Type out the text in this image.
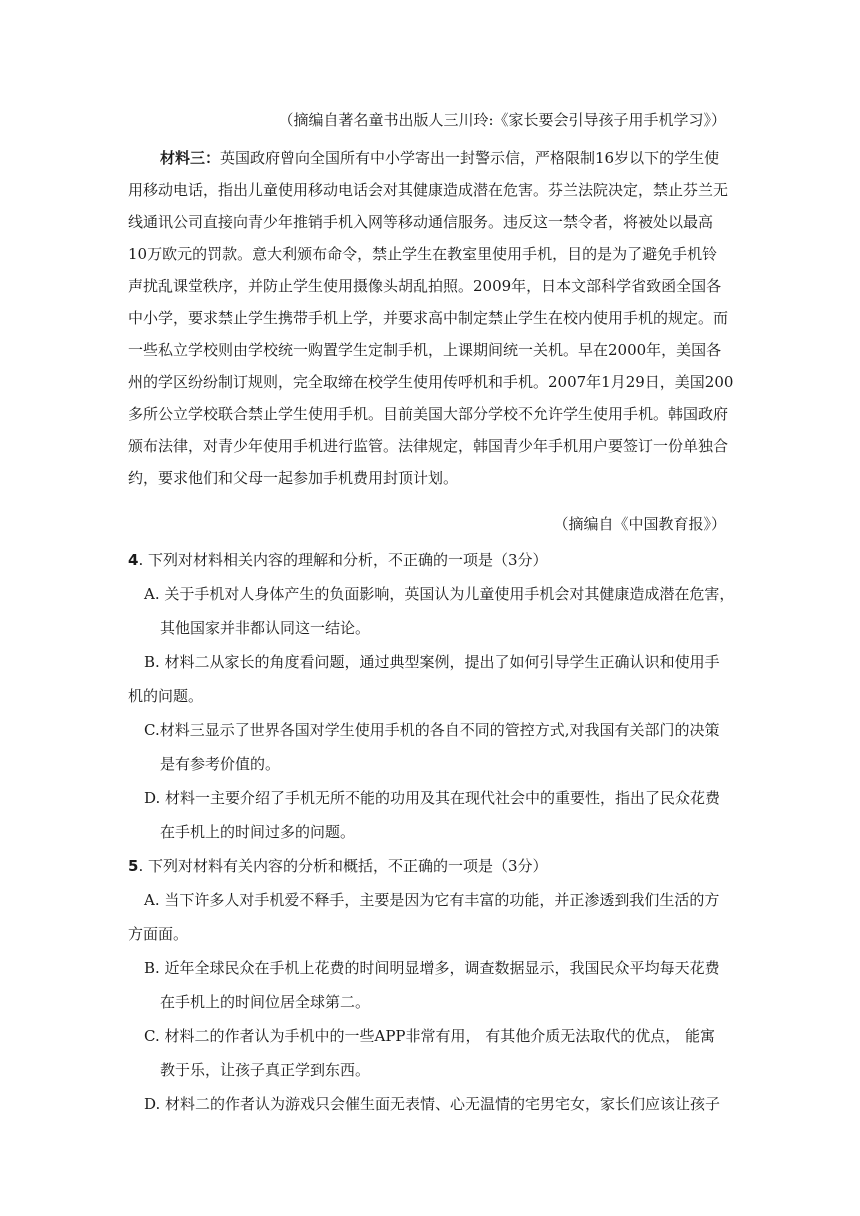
（摘编自著名童书出版人三川玲:《家长要会引导孩子用手机学习》）
材料三：英国政府曾向全国所有中小学寄出一封警示信，严格限制16岁以下的学生使
用移动电话，指出儿童使用移动电话会对其健康造成潜在危害。芬兰法院决定，禁止芬兰无
线通讯公司直接向青少年推销手机入网等移动通信服务。违反这一禁令者，将被处以最高
10万欧元的罚款。意大利颁布命令，禁止学生在教室里使用手机，目的是为了避免手机铃
声扰乱课堂秩序，并防止学生使用摄像头胡乱拍照。2009年，日本文部科学省致函全国各
中小学，要求禁止学生携带手机上学，并要求高中制定禁止学生在校内使用手机的规定。而
一些私立学校则由学校统一购置学生定制手机，上课期间统一关机。早在2000年，美国各
州的学区纷纷制订规则，完全取缔在校学生使用传呼机和手机。2007年1月29日，美国200
多所公立学校联合禁止学生使用手机。目前美国大部分学校不允许学生使用手机。韩国政府
颁布法律，对青少年使用手机进行监管。法律规定，韩国青少年手机用户要签订一份单独合
约，要求他们和父母一起参加手机费用封顶计划。
（摘编自《中国教育报》）
4. 下列对材料相关内容的理解和分析，不正确的一项是（3分）
A. 关于手机对人身体产生的负面影响，英国认为儿童使用手机会对其健康造成潜在危害，
其他国家并非都认同这一结论。
B. 材料二从家长的角度看问题，通过典型案例，提出了如何引导学生正确认识和使用手
机的问题。
C.材料三显示了世界各国对学生使用手机的各自不同的管控方式,对我国有关部门的决策
是有参考价值的。
D. 材料一主要介绍了手机无所不能的功用及其在现代社会中的重要性，指出了民众花费
在手机上的时间过多的问题。
5. 下列对材料有关内容的分析和概括，不正确的一项是（3分）
A. 当下许多人对手机爱不释手，主要是因为它有丰富的功能，并正渗透到我们生活的方
方面面。
B. 近年全球民众在手机上花费的时间明显增多，调查数据显示，我国民众平均每天花费
在手机上的时间位居全球第二。
C. 材料二的作者认为手机中的一些APP非常有用， 有其他介质无法取代的优点， 能寓
教于乐，让孩子真正学到东西。
D. 材料二的作者认为游戏只会催生面无表情、心无温情的宅男宅女，家长们应该让孩子
